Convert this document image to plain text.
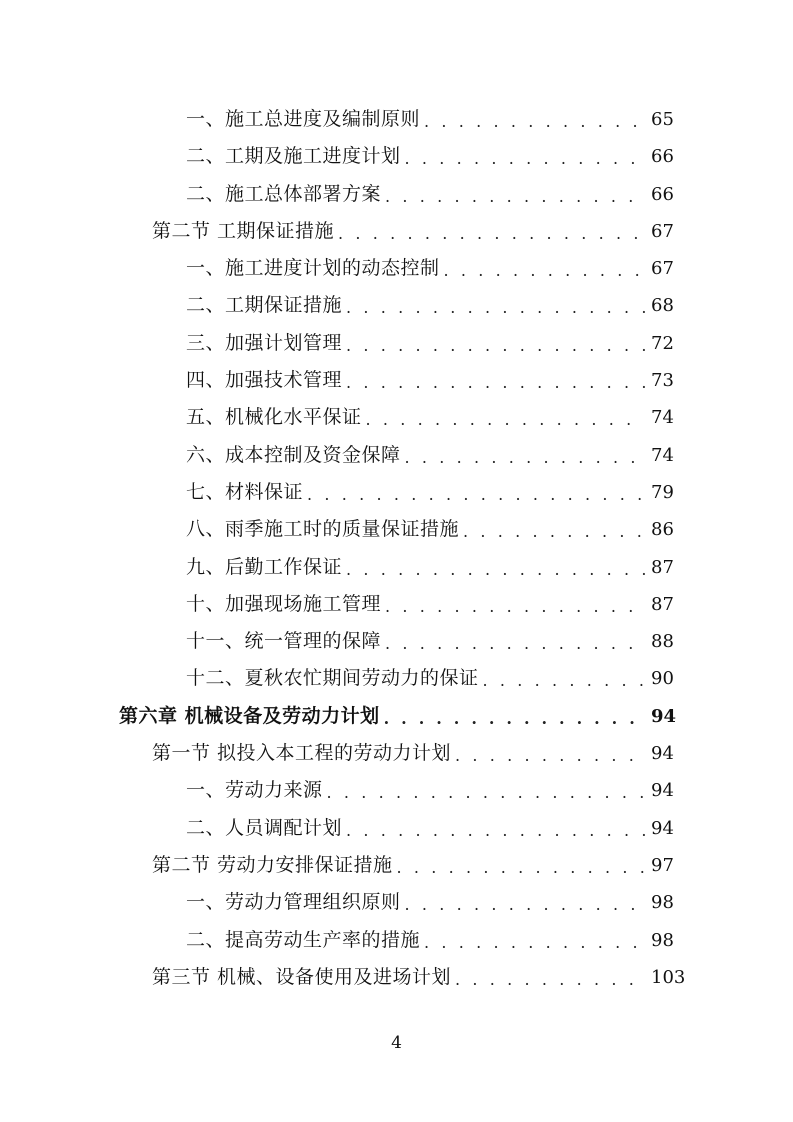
一、施工总进度及编制原则 . . .	65
二、工期及施工进度计划 . . .	66
二、施工总体部署方案 . . .	66
第二节 工期保证措施 . . .	67
一、施工进度计划的动态控制 . . .	67
二、工期保证措施 . . .	68
三、加强计划管理 . . .	72
四、加强技术管理 . . .	73
五、机械化水平保证 . . .	74
六、成本控制及资金保障 . . .	74
七、材料保证 . . .	79
八、雨季施工时的质量保证措施 . . .	86
九、后勤工作保证 . . .	87
十、加强现场施工管理 . . .	87
十一、统一管理的保障 . . .	88
十二、夏秋农忙期间劳动力的保证 . . .	90
第六章 机械设备及劳动力计划 . . .	94
第一节 拟投入本工程的劳动力计划 . . .	94
一、劳动力来源 . . .	94
二、人员调配计划 . . .	94
第二节 劳动力安排保证措施 . . .	97
一、劳动力管理组织原则 . . .	98
二、提高劳动生产率的措施 . . .	98
第三节 机械、设备使用及进场计划 . . .	103
4
